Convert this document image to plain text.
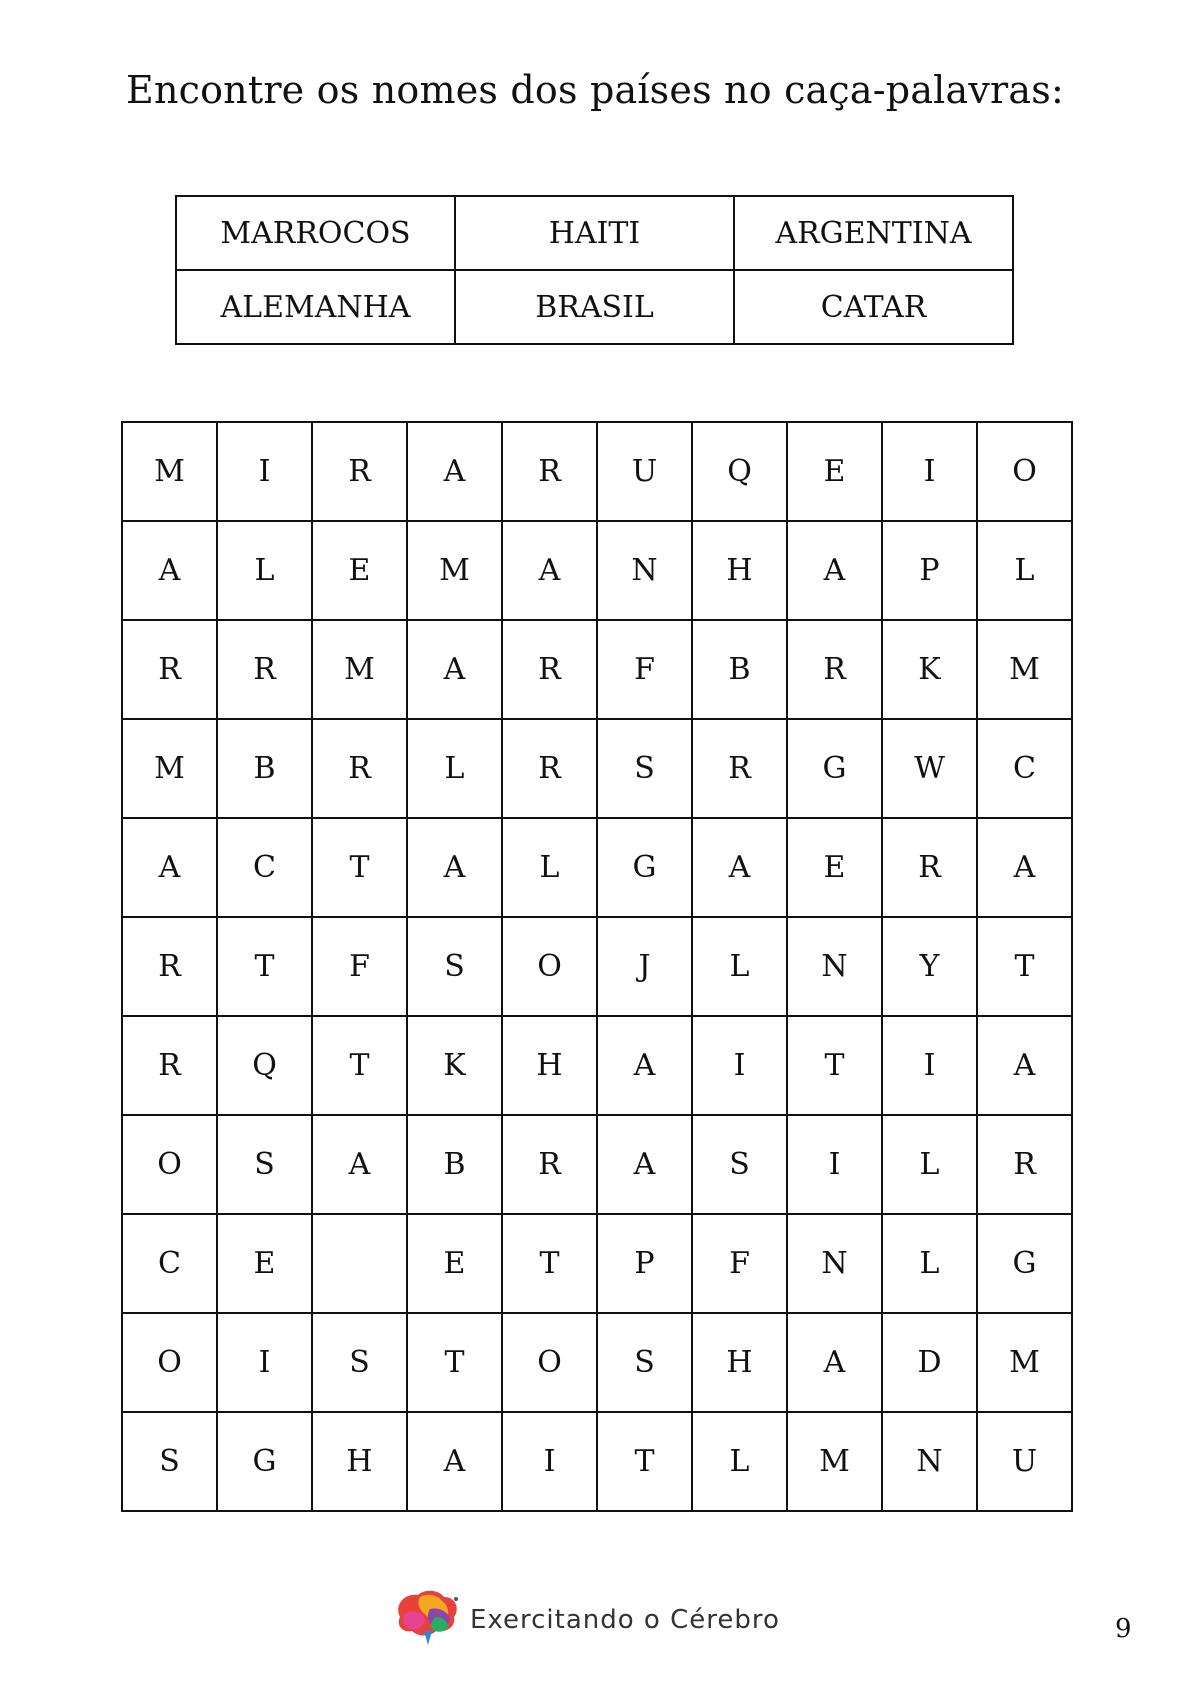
Encontre os nomes dos países no caça-palavras:
MARROCOS	HAITI	ARGENTINA
ALEMANHA	BRASIL	CATAR
M	I	R	A	R	U	Q	E	I	O
A	L	E	M	A	N	H	A	P	L
R	R	M	A	R	F	B	R	K	M
M	B	R	L	R	S	R	G	W	C
A	C	T	A	L	G	A	E	R	A
R	T	F	S	O	J	L	N	Y	T
R	Q	T	K	H	A	I	T	I	A
O	S	A	B	R	A	S	I	L	R
C	E		E	T	P	F	N	L	G
O	I	S	T	O	S	H	A	D	M
S	G	H	A	I	T	L	M	N	U
Exercitando o Cérebro	9
